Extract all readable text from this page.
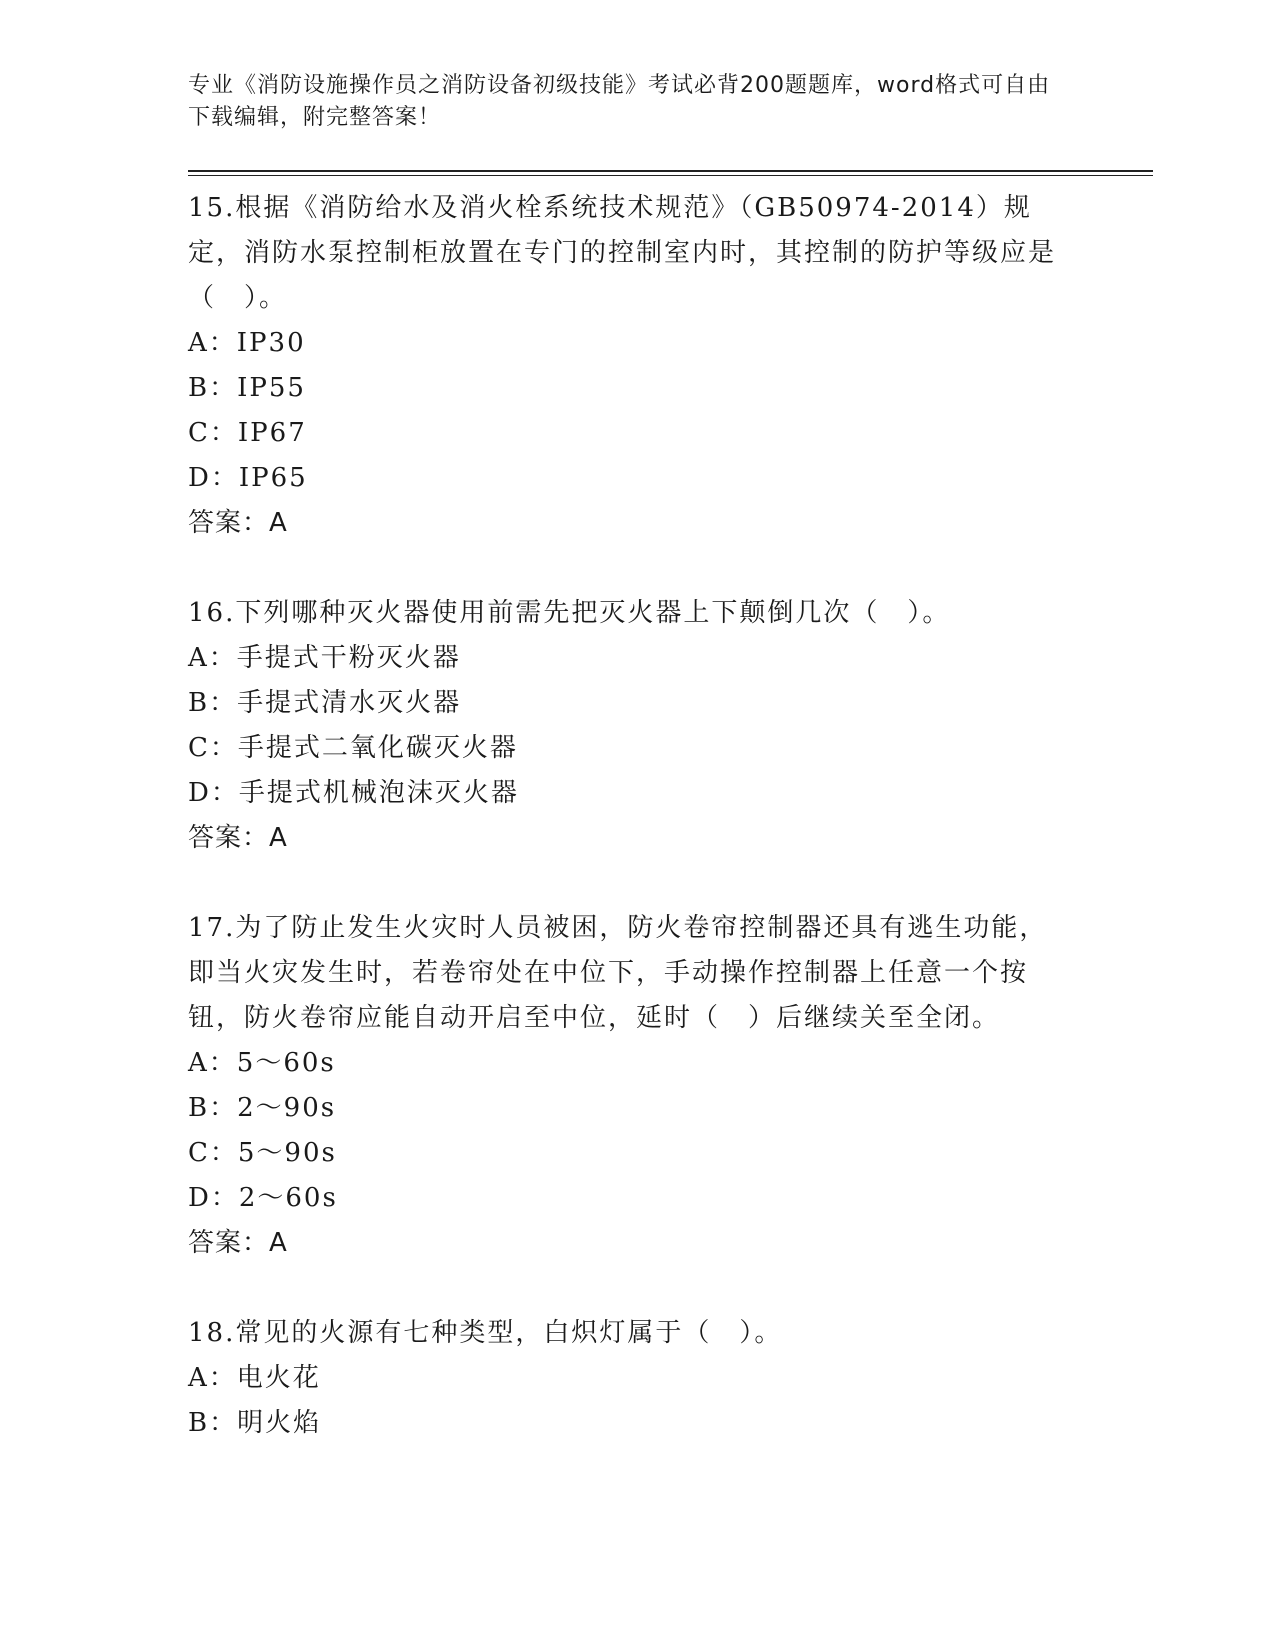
专业《消防设施操作员之消防设备初级技能》考试必背200题题库，word格式可自由下载编辑，附完整答案！

15.根据《消防给水及消火栓系统技术规范》（GB50974-2014）规定，消防水泵控制柜放置在专门的控制室内时，其控制的防护等级应是（　）。

A：IP30

B：IP55

C：IP67

D：IP65

答案：A

16.下列哪种灭火器使用前需先把灭火器上下颠倒几次（　）。

A：手提式干粉灭火器

B：手提式清水灭火器

C：手提式二氧化碳灭火器

D：手提式机械泡沫灭火器

答案：A

17.为了防止发生火灾时人员被困，防火卷帘控制器还具有逃生功能，即当火灾发生时，若卷帘处在中位下，手动操作控制器上任意一个按钮，防火卷帘应能自动开启至中位，延时（　）后继续关至全闭。

A：5～60s

B：2～90s

C：5～90s

D：2～60s

答案：A

18.常见的火源有七种类型，白炽灯属于（　）。

A：电火花

B：明火焰
